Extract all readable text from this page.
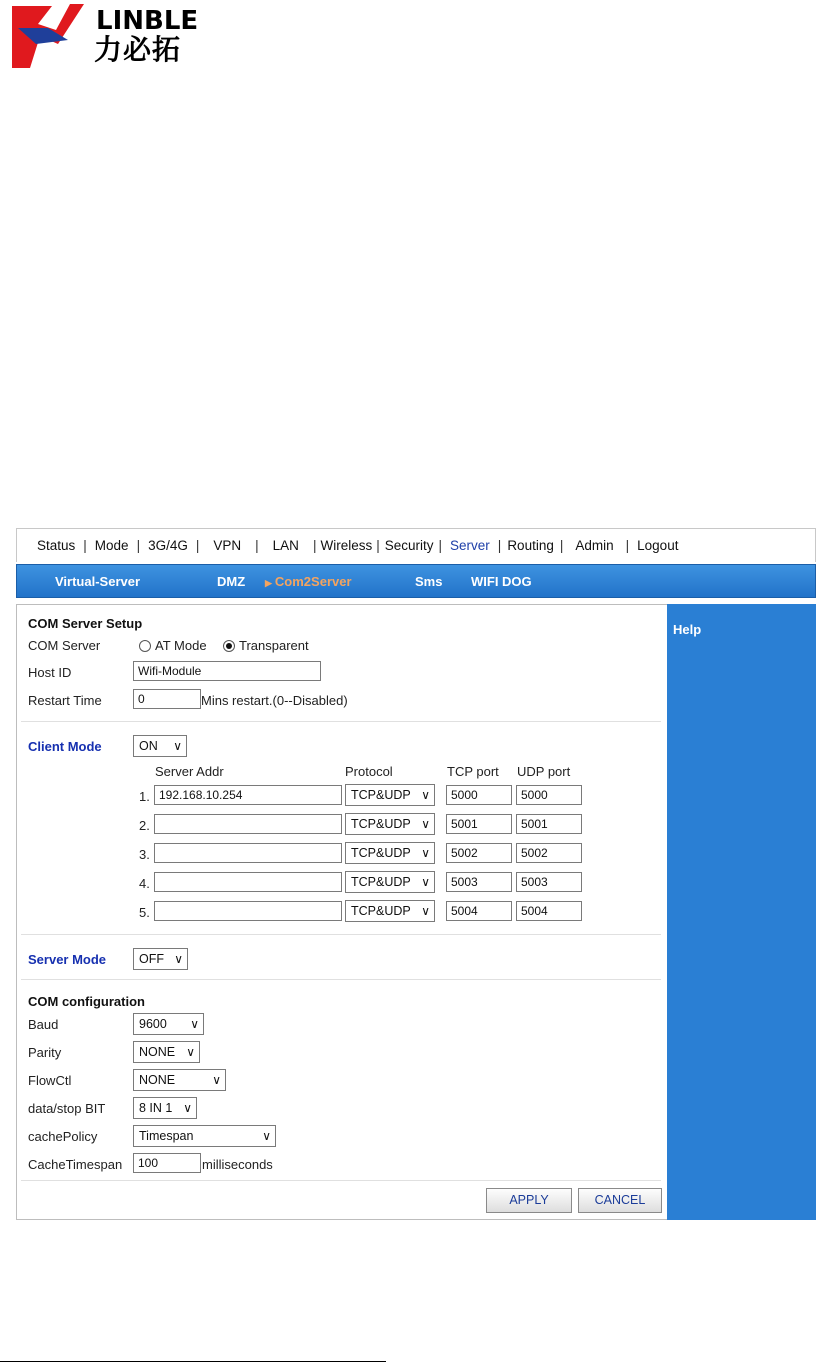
LINBLE
力必拓
Status | Mode | 3G/4G |	VPN	|	LAN	| Wireless | Security | Server | Routing | Admin | Logout
Virtual-Server	DMZ ▶ Com2Server	Sms WIFI DOG
COM Server Setup
COM Server	AT Mode	Transparent
Host ID	Wifi-Module
Restart Time	0	Mins restart.(0--Disabled)
Client Mode	ON ∨
Server Addr	Protocol	TCP port UDP port
1. 192.168.10.254	TCP&UDP ∨	5000	5000
2.	TCP&UDP ∨	5001	5001
3.	TCP&UDP ∨	5002	5002
4.	TCP&UDP ∨	5003	5003
5.	TCP&UDP ∨	5004	5004
Server Mode	OFF ∨
COM configuration
Baud	9600 ∨
Parity	NONE ∨
FlowCtl	NONE	∨
data/stop BIT	8 IN 1 ∨
cachePolicy	Timespan	∨
CacheTimespan	100	milliseconds
APPLY	CANCEL
Help
